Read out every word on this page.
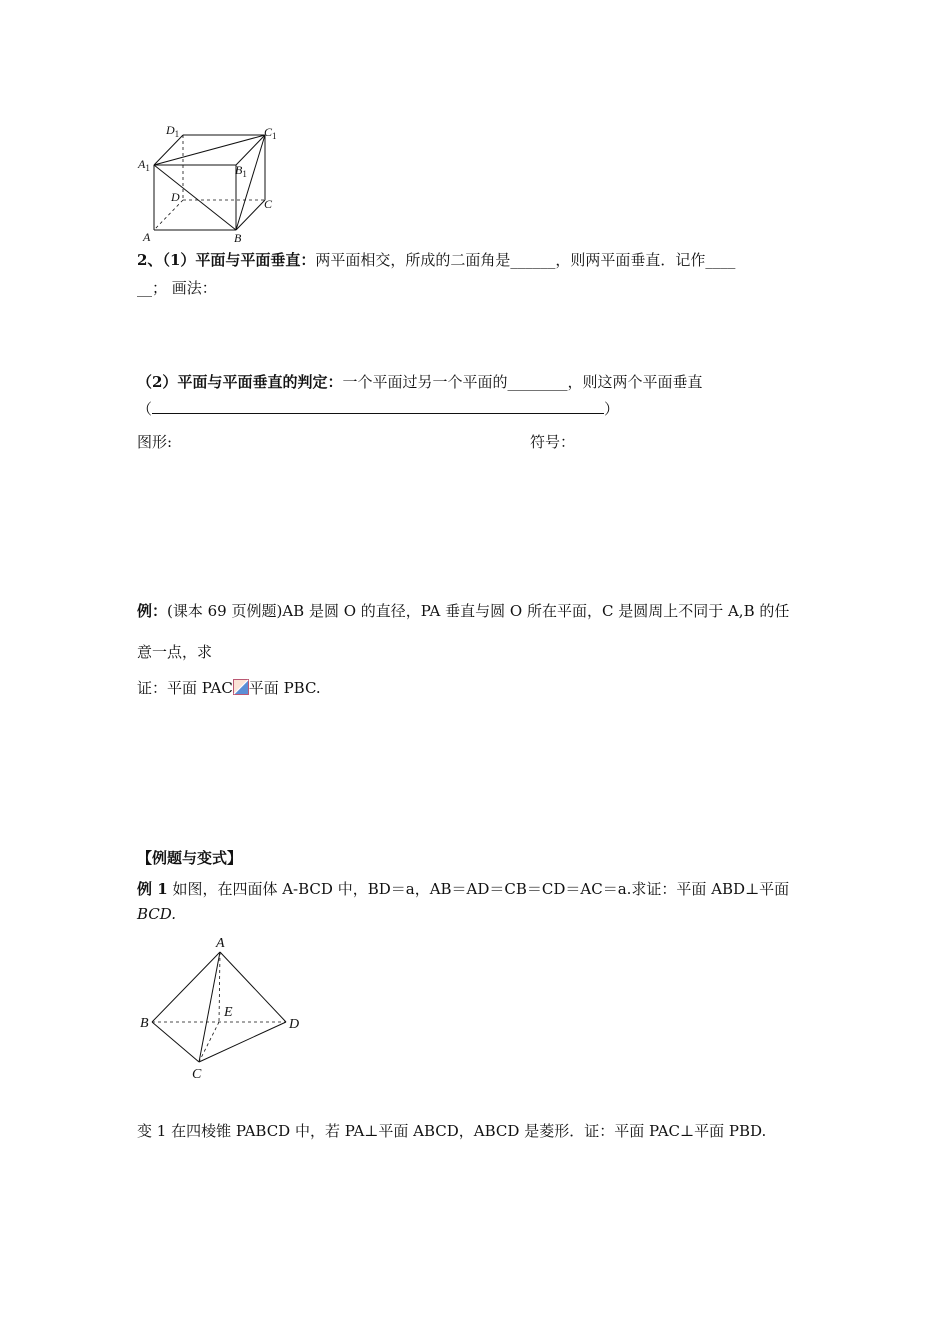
$D_1$	$C_1$
$A_1$	$B_1$
D	C
A	B
2、（1）平面与平面垂直：两平面相交，所成的二面角是______，则两平面垂直．记作____
__； 画法：
（2）平面与平面垂直的判定：一个平面过另一个平面的________，则这两个平面垂直
（	）
图形:	符号：
例：(课本 69 页例题)AB 是圆 O 的直径，PA 垂直与圆 O 所在平面，C 是圆周上不同于 A,B 的任
意一点，求
证：平面 PAC 平面 PBC.
【例题与变式】
例 1 如图，在四面体 A-BCD 中，BD＝a，AB＝AD＝CB＝CD＝AC＝a.求证：平面 ABD⊥平面
BCD.
A
B
C
D
E
变 1 在四棱锥 PABCD 中，若 PA⊥平面 ABCD，ABCD 是菱形．证：平面 PAC⊥平面 PBD.
